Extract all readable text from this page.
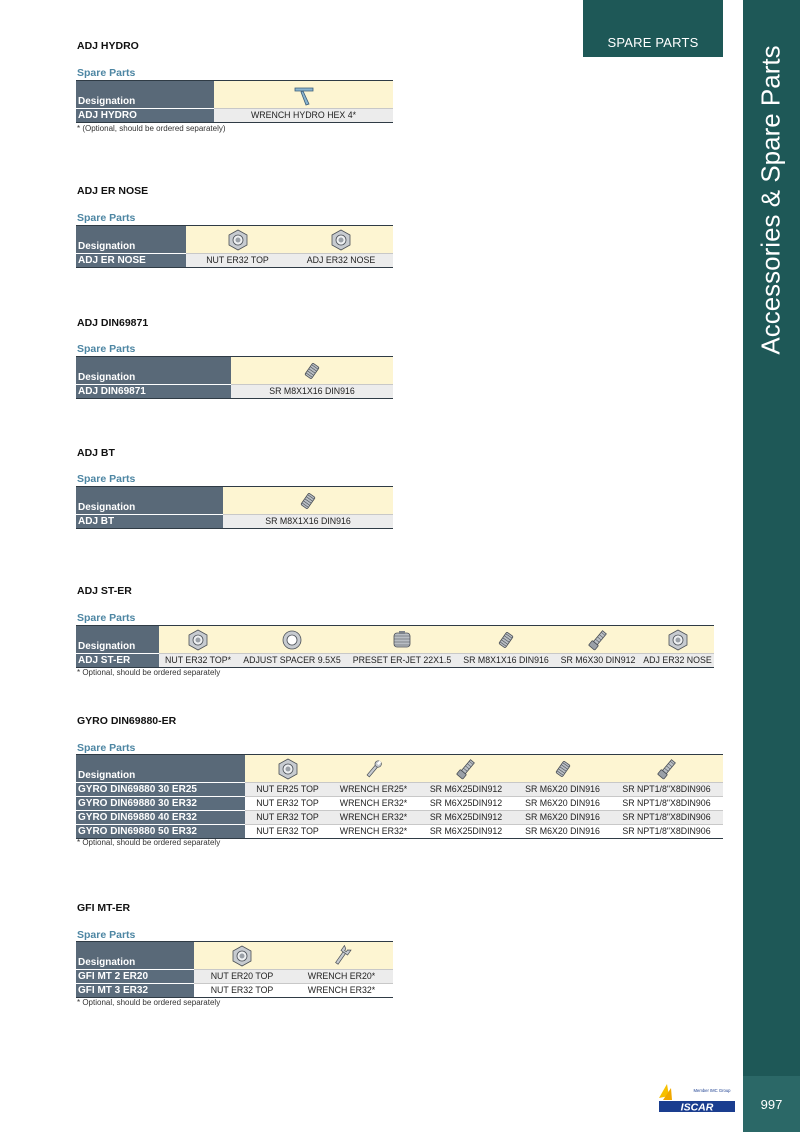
SPARE PARTS
Accessories & Spare Parts
997
ISCAR
Member IMC Group
ADJ HYDRO
Spare Parts
Designation	

ADJ HYDRO	WRENCH HYDRO HEX 4*
* (Optional, should be ordered separately)
ADJ ER NOSE
Spare Parts
Designation	

ADJ ER NOSE	NUT ER32 TOP	ADJ ER32 NOSE
ADJ DIN69871
Spare Parts
Designation	

ADJ DIN69871	SR M8X1X16 DIN916
ADJ BT
Spare Parts
Designation	

ADJ BT	SR M8X1X16 DIN916
ADJ ST-ER
Spare Parts
Designation	

ADJ ST-ER	NUT ER32 TOP*	ADJUST SPACER 9.5X5	PRESET ER-JET 22X1.5	SR M8X1X16 DIN916	SR M6X30 DIN912	ADJ ER32 NOSE
* Optional, should be ordered separately
GYRO DIN69880-ER
Spare Parts
Designation	

GYRO DIN69880 30 ER25	NUT ER25 TOP	WRENCH ER25*	SR M6X25DIN912	SR M6X20 DIN916	SR NPT1/8"X8DIN906
GYRO DIN69880 30 ER32	NUT ER32 TOP	WRENCH ER32*	SR M6X25DIN912	SR M6X20 DIN916	SR NPT1/8"X8DIN906
GYRO DIN69880 40 ER32	NUT ER32 TOP	WRENCH ER32*	SR M6X25DIN912	SR M6X20 DIN916	SR NPT1/8"X8DIN906
GYRO DIN69880 50 ER32	NUT ER32 TOP	WRENCH ER32*	SR M6X25DIN912	SR M6X20 DIN916	SR NPT1/8"X8DIN906
* Optional, should be ordered separately
GFI MT-ER
Spare Parts
Designation	

GFI MT 2 ER20	NUT ER20 TOP	WRENCH ER20*
GFI MT 3 ER32	NUT ER32 TOP	WRENCH ER32*
* Optional, should be ordered separately
